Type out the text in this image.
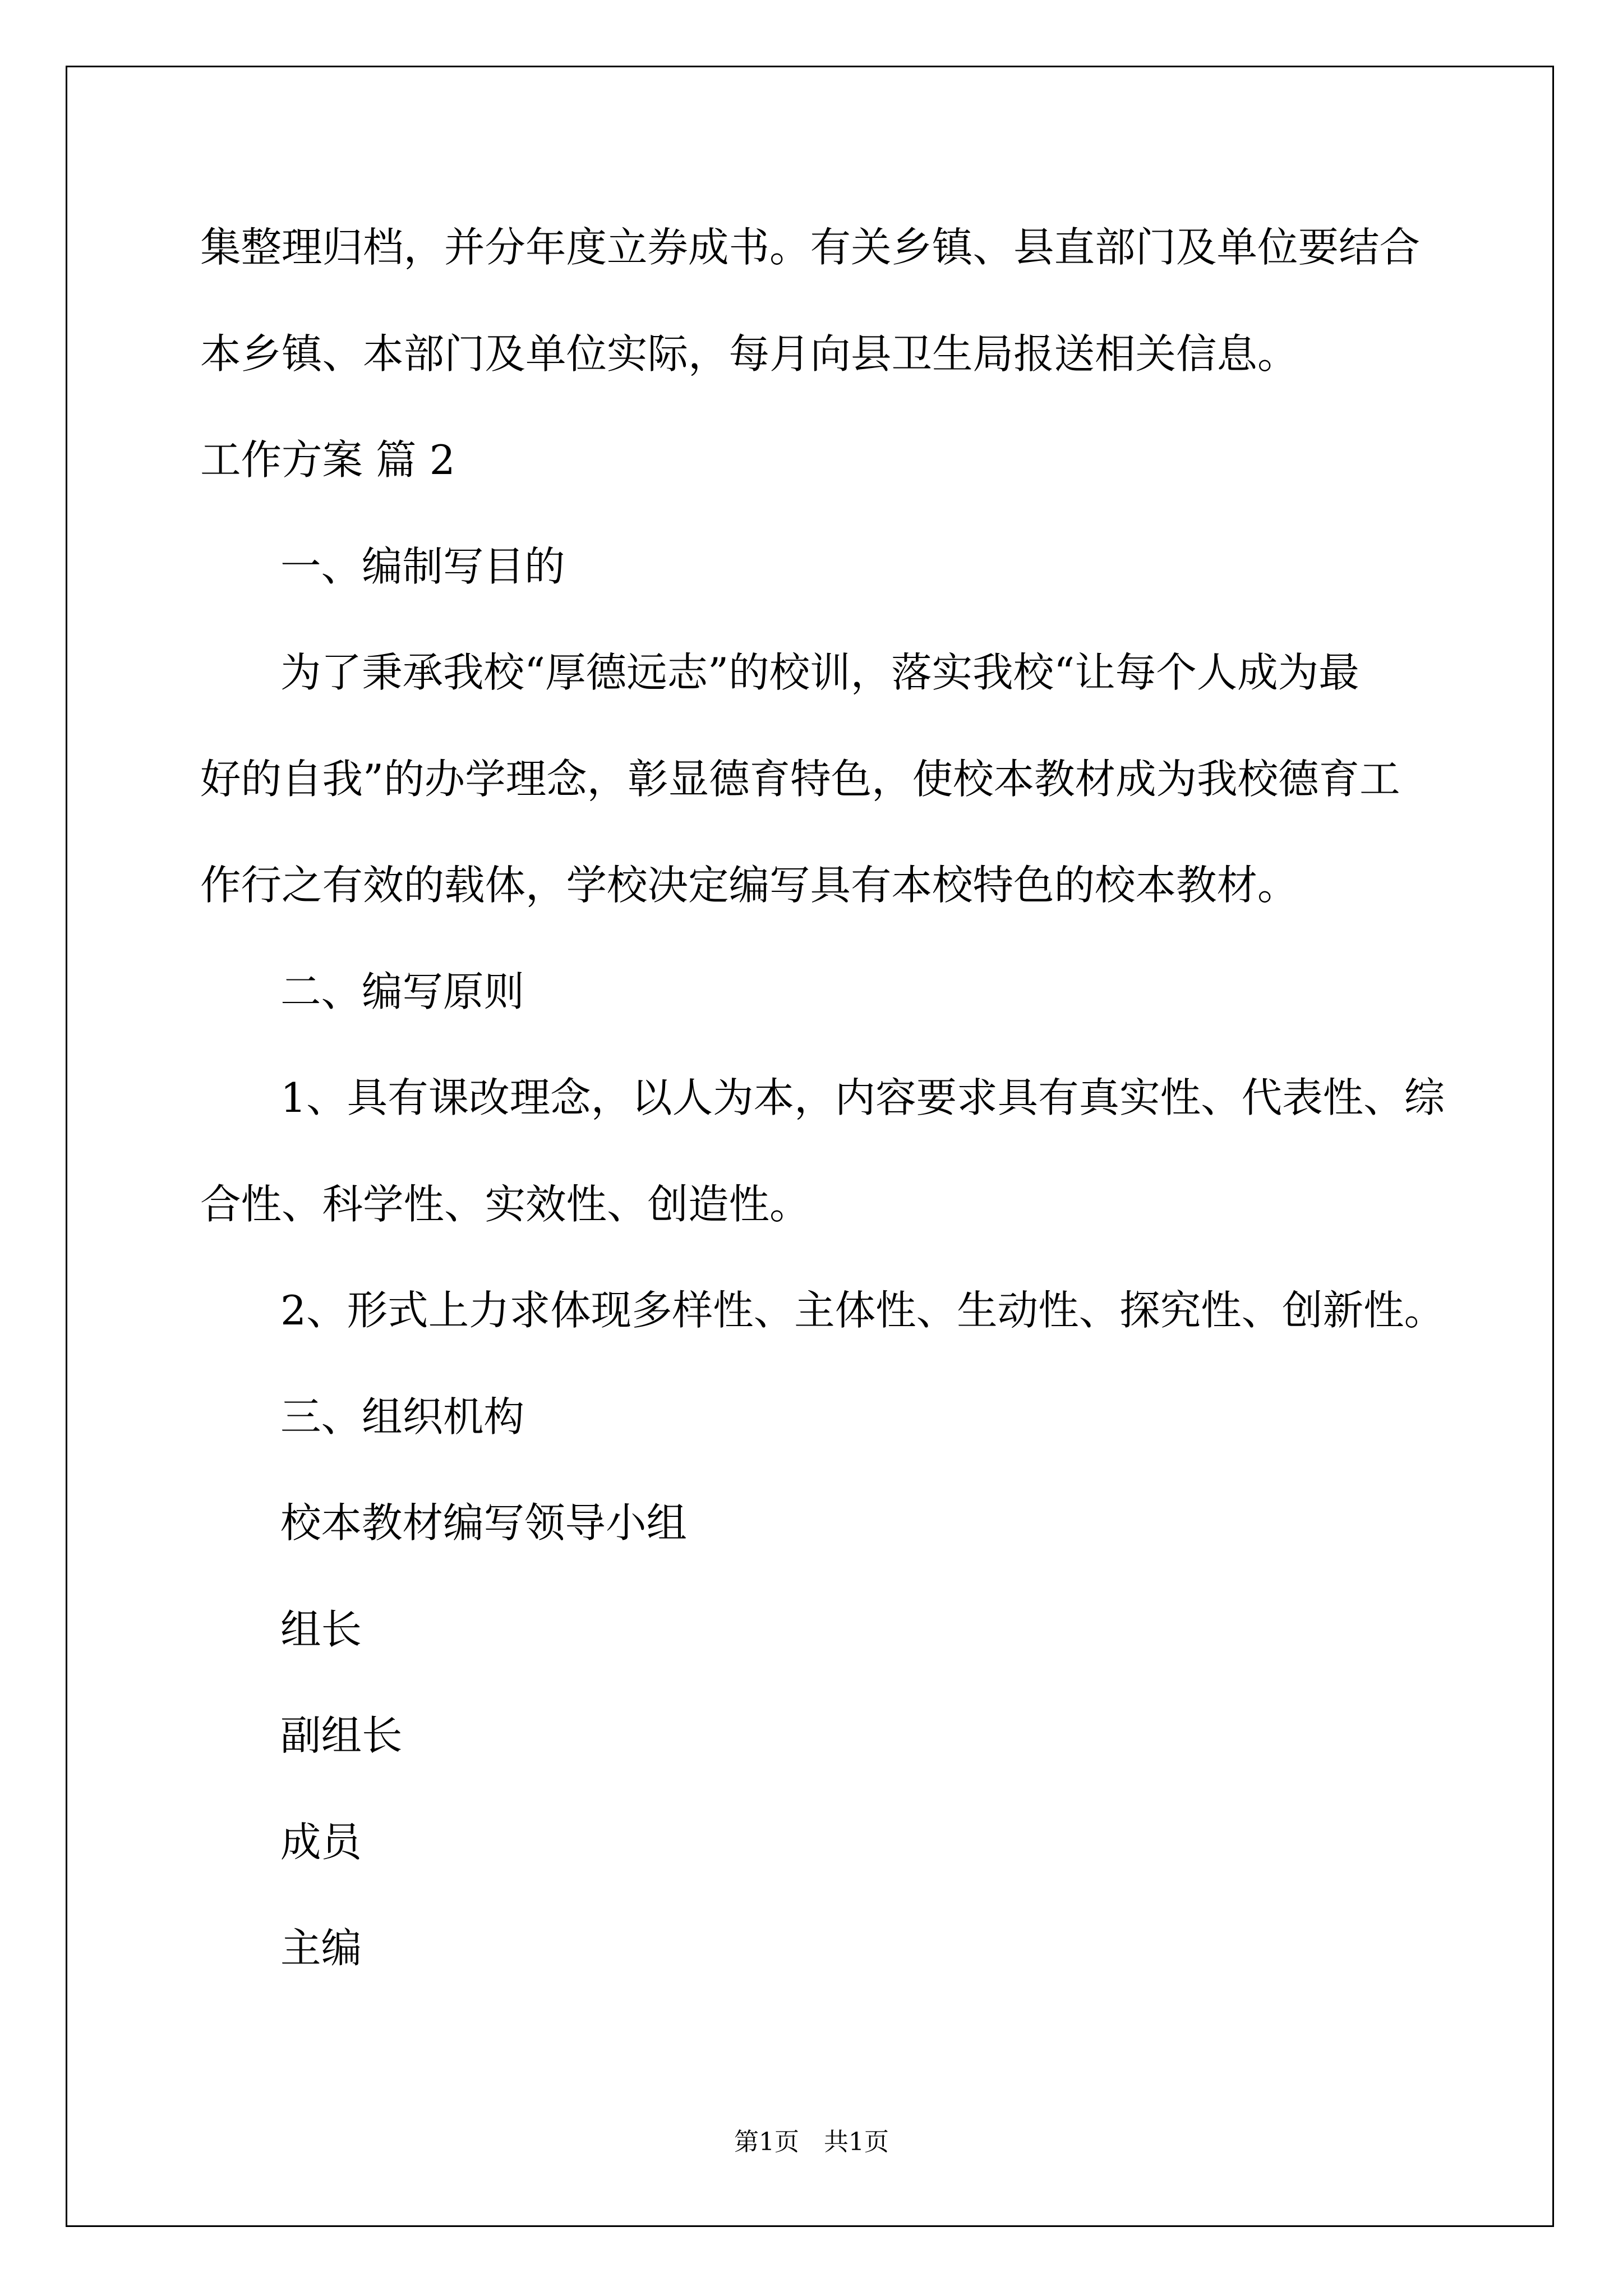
集整理归档，并分年度立券成书。有关乡镇、县直部门及单位要结合
本乡镇、本部门及单位实际，每月向县卫生局报送相关信息。
工作方案 篇 2
一、编制写目的
为了秉承我校“厚德远志”的校训，落实我校“让每个人成为最
好的自我”的办学理念，彰显德育特色，使校本教材成为我校德育工
作行之有效的载体，学校决定编写具有本校特色的校本教材。
二、编写原则
1、具有课改理念，以人为本，内容要求具有真实性、代表性、综
合性、科学性、实效性、创造性。
2、形式上力求体现多样性、主体性、生动性、探究性、创新性。
三、组织机构
校本教材编写领导小组
组长
副组长
成员
主编
第1页　共1页
